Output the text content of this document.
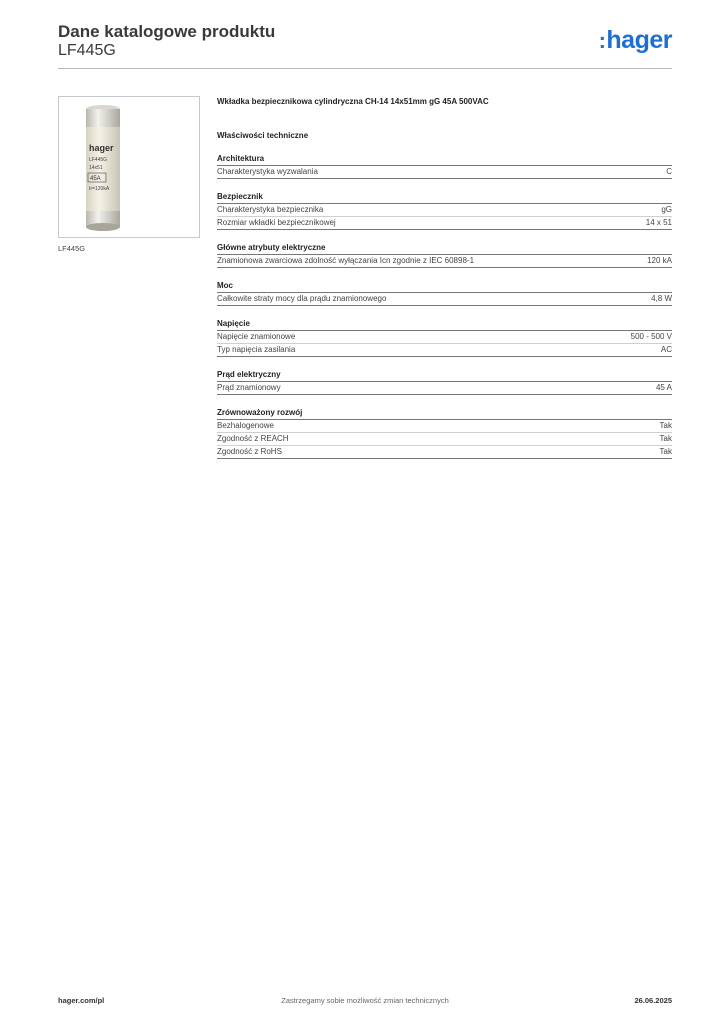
Dane katalogowe produktu
LF445G	:hager
hager
LF445G
14x51
45A
Ir=120kA
LF445G
Wkładka bezpiecznikowa cylindryczna CH-14 14x51mm gG 45A 500VAC
Właściwości techniczne
Architektura
Charakterystyka wyzwalania	C
Bezpiecznik
Charakterystyka bezpiecznika	gG
Rozmiar wkładki bezpiecznikowej	14 x 51
Główne atrybuty elektryczne
Znamionowa zwarciowa zdolność wyłączania Icn zgodnie z IEC 60898-1	120 kA
Moc
Całkowite straty mocy dla prądu znamionowego	4,8 W
Napięcie
Napięcie znamionowe	500 - 500 V
Typ napięcia zasilania	AC
Prąd elektryczny
Prąd znamionowy	45 A
Zrównoważony rozwój
Bezhalogenowe	Tak
Zgodność z REACH	Tak
Zgodność z RoHS	Tak
hager.com/pl	Zastrzegamy sobie możliwość zmian technicznych	26.06.2025
